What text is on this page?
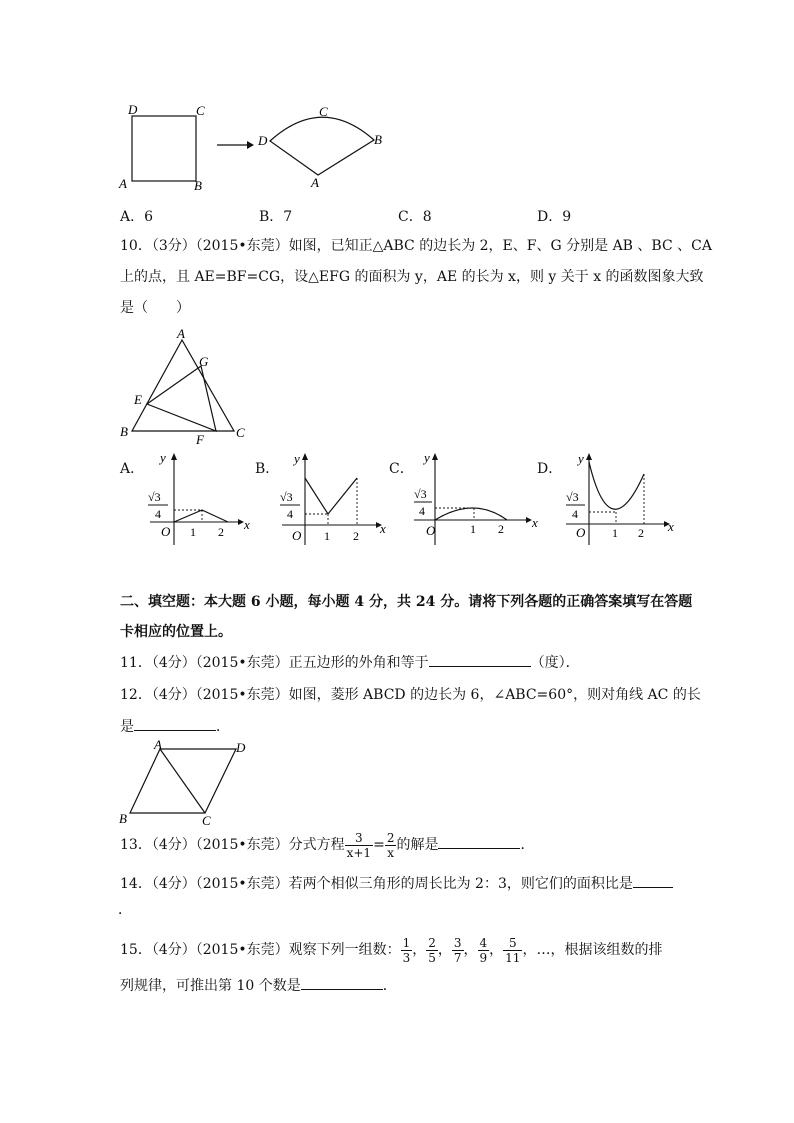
D	C
A	B
C
D	B
A
A．6	B．7	C．8	D．9
10．（3分）（2015•东莞）如图，已知正△ABC 的边长为 2，E、F、G 分别是 AB 、BC 、CA
上的点，且 AE=BF=CG，设△EFG 的面积为 y，AE 的长为 x，则 y 关于 x 的函数图象大致
是（　　）
A
G
E
B
F C
A．	B．	C．	D．
y
x
O 1 2
√3
4
y
x
O 1 2
√3
4
y
x
O	1 2
√3
4
y
x
O 1 2
√3
4
二、填空题：本大题 6 小题，每小题 4 分，共 24 分。请将下列各题的正确答案填写在答题
卡相应的位置上。
11．（4分）（2015•东莞）正五边形的外角和等于	（度）．
12．（4分）（2015•东莞）如图，菱形 ABCD 的边长为 6，∠ABC=60°，则对角线 AC 的长
是	．
A	D
B	C
13．（4分）（2015•东莞）分式方程 $\frac{3}{x+1} = \frac{2}{x}$ 的解是	．
14．（4分）（2015•东莞）若两个相似三角形的周长比为 2：3，则它们的面积比是
．
15．（4分）（2015•东莞）观察下列一组数： $\frac{1}{3}$ ， $\frac{2}{5}$ ， $\frac{3}{7}$ ， $\frac{4}{9}$ ， $\frac{5}{11}$ ，…，根据该组数的排
列规律，可推出第 10 个数是	．
